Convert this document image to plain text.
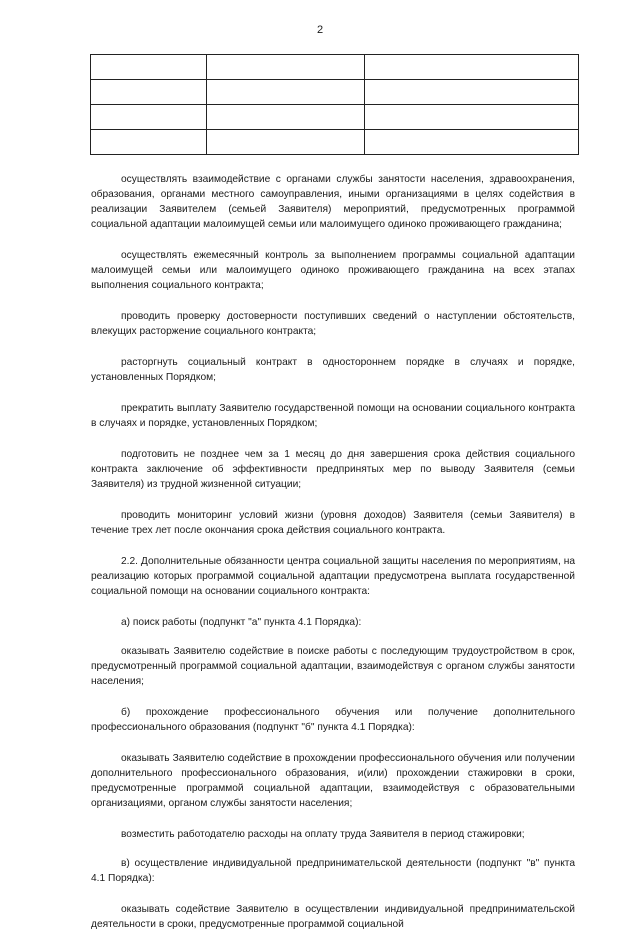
2

осуществлять взаимодействие с органами службы занятости населения, здравоохранения, образования, органами местного самоуправления, иными организациями в целях содействия в реализации Заявителем (семьей Заявителя) мероприятий, предусмотренных программой социальной адаптации малоимущей семьи или малоимущего одиноко проживающего гражданина;

осуществлять ежемесячный контроль за выполнением программы социальной адаптации малоимущей семьи или малоимущего одиноко проживающего гражданина на всех этапах выполнения социального контракта;

проводить проверку достоверности поступивших сведений о наступлении обстоятельств, влекущих расторжение социального контракта;

расторгнуть социальный контракт в одностороннем порядке в случаях и порядке, установленных Порядком;

прекратить выплату Заявителю государственной помощи на основании социального контракта в случаях и порядке, установленных Порядком;

подготовить не позднее чем за 1 месяц до дня завершения срока действия социального контракта заключение об эффективности предпринятых мер по выводу Заявителя (семьи Заявителя) из трудной жизненной ситуации;

проводить мониторинг условий жизни (уровня доходов) Заявителя (семьи Заявителя) в течение трех лет после окончания срока действия социального контракта.

2.2. Дополнительные обязанности центра социальной защиты населения по мероприятиям, на реализацию которых программой социальной адаптации предусмотрена выплата государственной социальной помощи на основании социального контракта:

а) поиск работы (подпункт "а" пункта 4.1 Порядка):

оказывать Заявителю содействие в поиске работы с последующим трудоустройством в срок, предусмотренный программой социальной адаптации, взаимодействуя с органом службы занятости населения;

б) прохождение профессионального обучения или получение дополнительного профессионального образования (подпункт "б" пункта 4.1 Порядка):

оказывать Заявителю содействие в прохождении профессионального обучения или получении дополнительного профессионального образования, и(или) прохождении стажировки в сроки, предусмотренные программой социальной адаптации, взаимодействуя с образовательными организациями, органом службы занятости населения;

возместить работодателю расходы на оплату труда Заявителя в период стажировки;

в) осуществление индивидуальной предпринимательской деятельности (подпункт "в" пункта 4.1 Порядка):

оказывать содействие Заявителю в осуществлении индивидуальной предпринимательской деятельности в сроки, предусмотренные программой социальной
